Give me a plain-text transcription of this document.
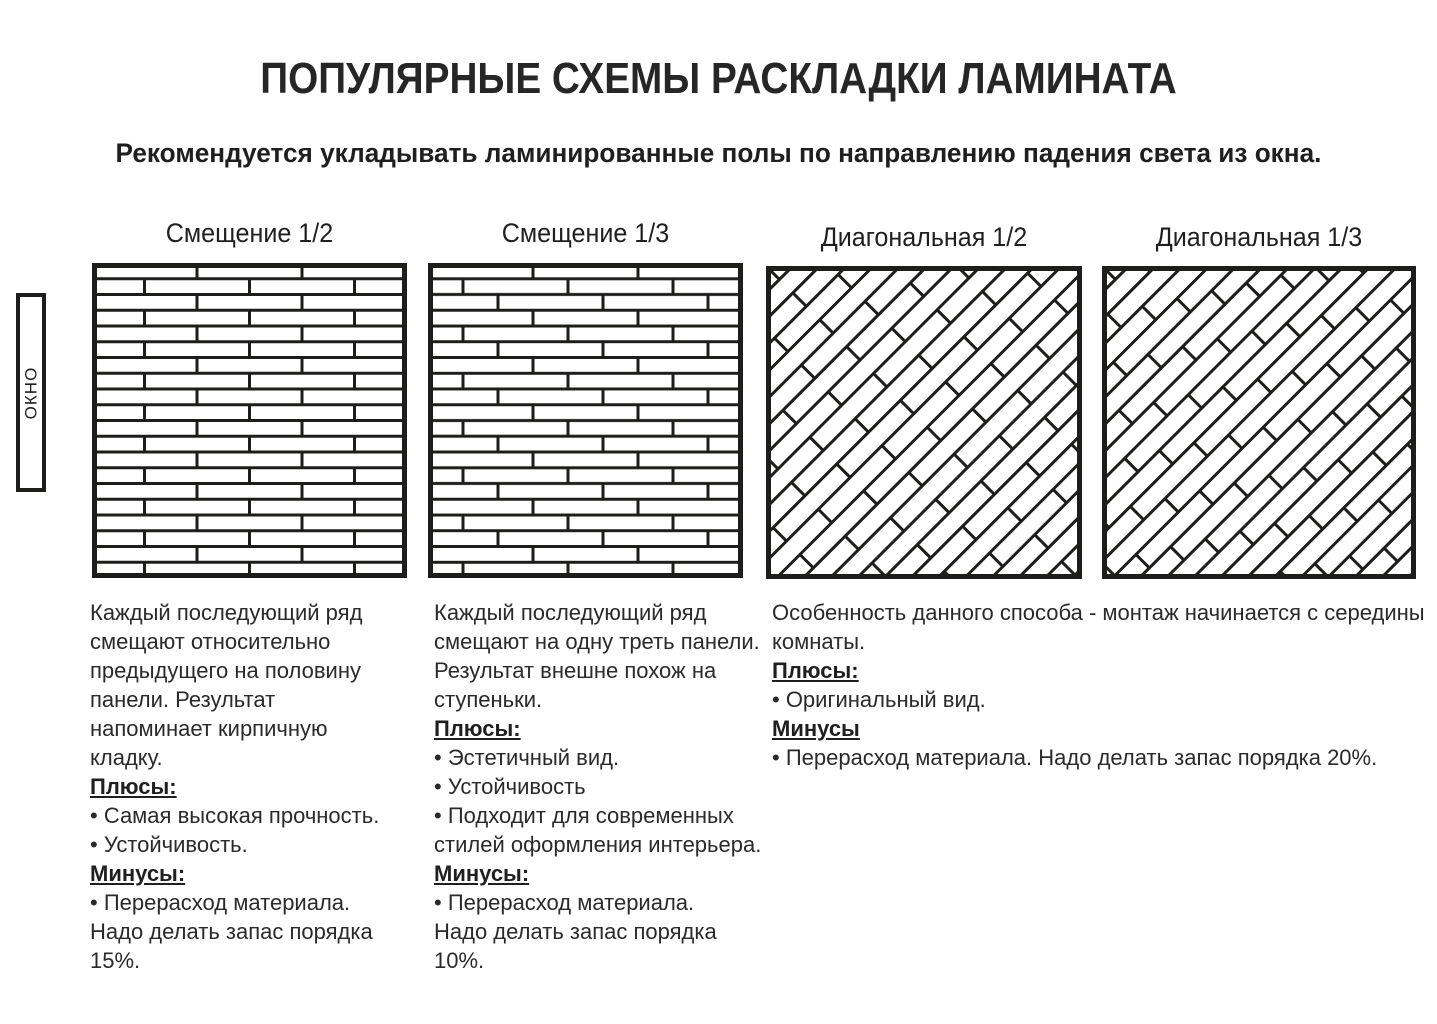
ПОПУЛЯРНЫЕ СХЕМЫ РАСКЛАДКИ ЛАМИНАТА
Рекомендуется укладывать ламинированные полы по направлению падения света из окна.
ОКНО
Смещение 1/2	Смещение 1/3	Диагональная 1/2	Диагональная 1/3
Каждый последующий ряд смещают относительно предыдущего на половину панели. Результат напоминает кирпичную кладку.
Плюсы:
• Самая высокая прочность.
• Устойчивость.
Минусы:
• Перерасход материала. Надо делать запас порядка 15%.
Каждый последующий ряд смещают на одну треть панели. Результат внешне похож на ступеньки.
Плюсы:
• Эстетичный вид.
• Устойчивость
• Подходит для современных стилей оформления интерьера.
Минусы:
• Перерасход материала. Надо делать запас порядка 10%.
Особенность данного способа - монтаж начинается с середины комнаты.
Плюсы:
• Оригинальный вид.
Минусы
• Перерасход материала. Надо делать запас порядка 20%.
